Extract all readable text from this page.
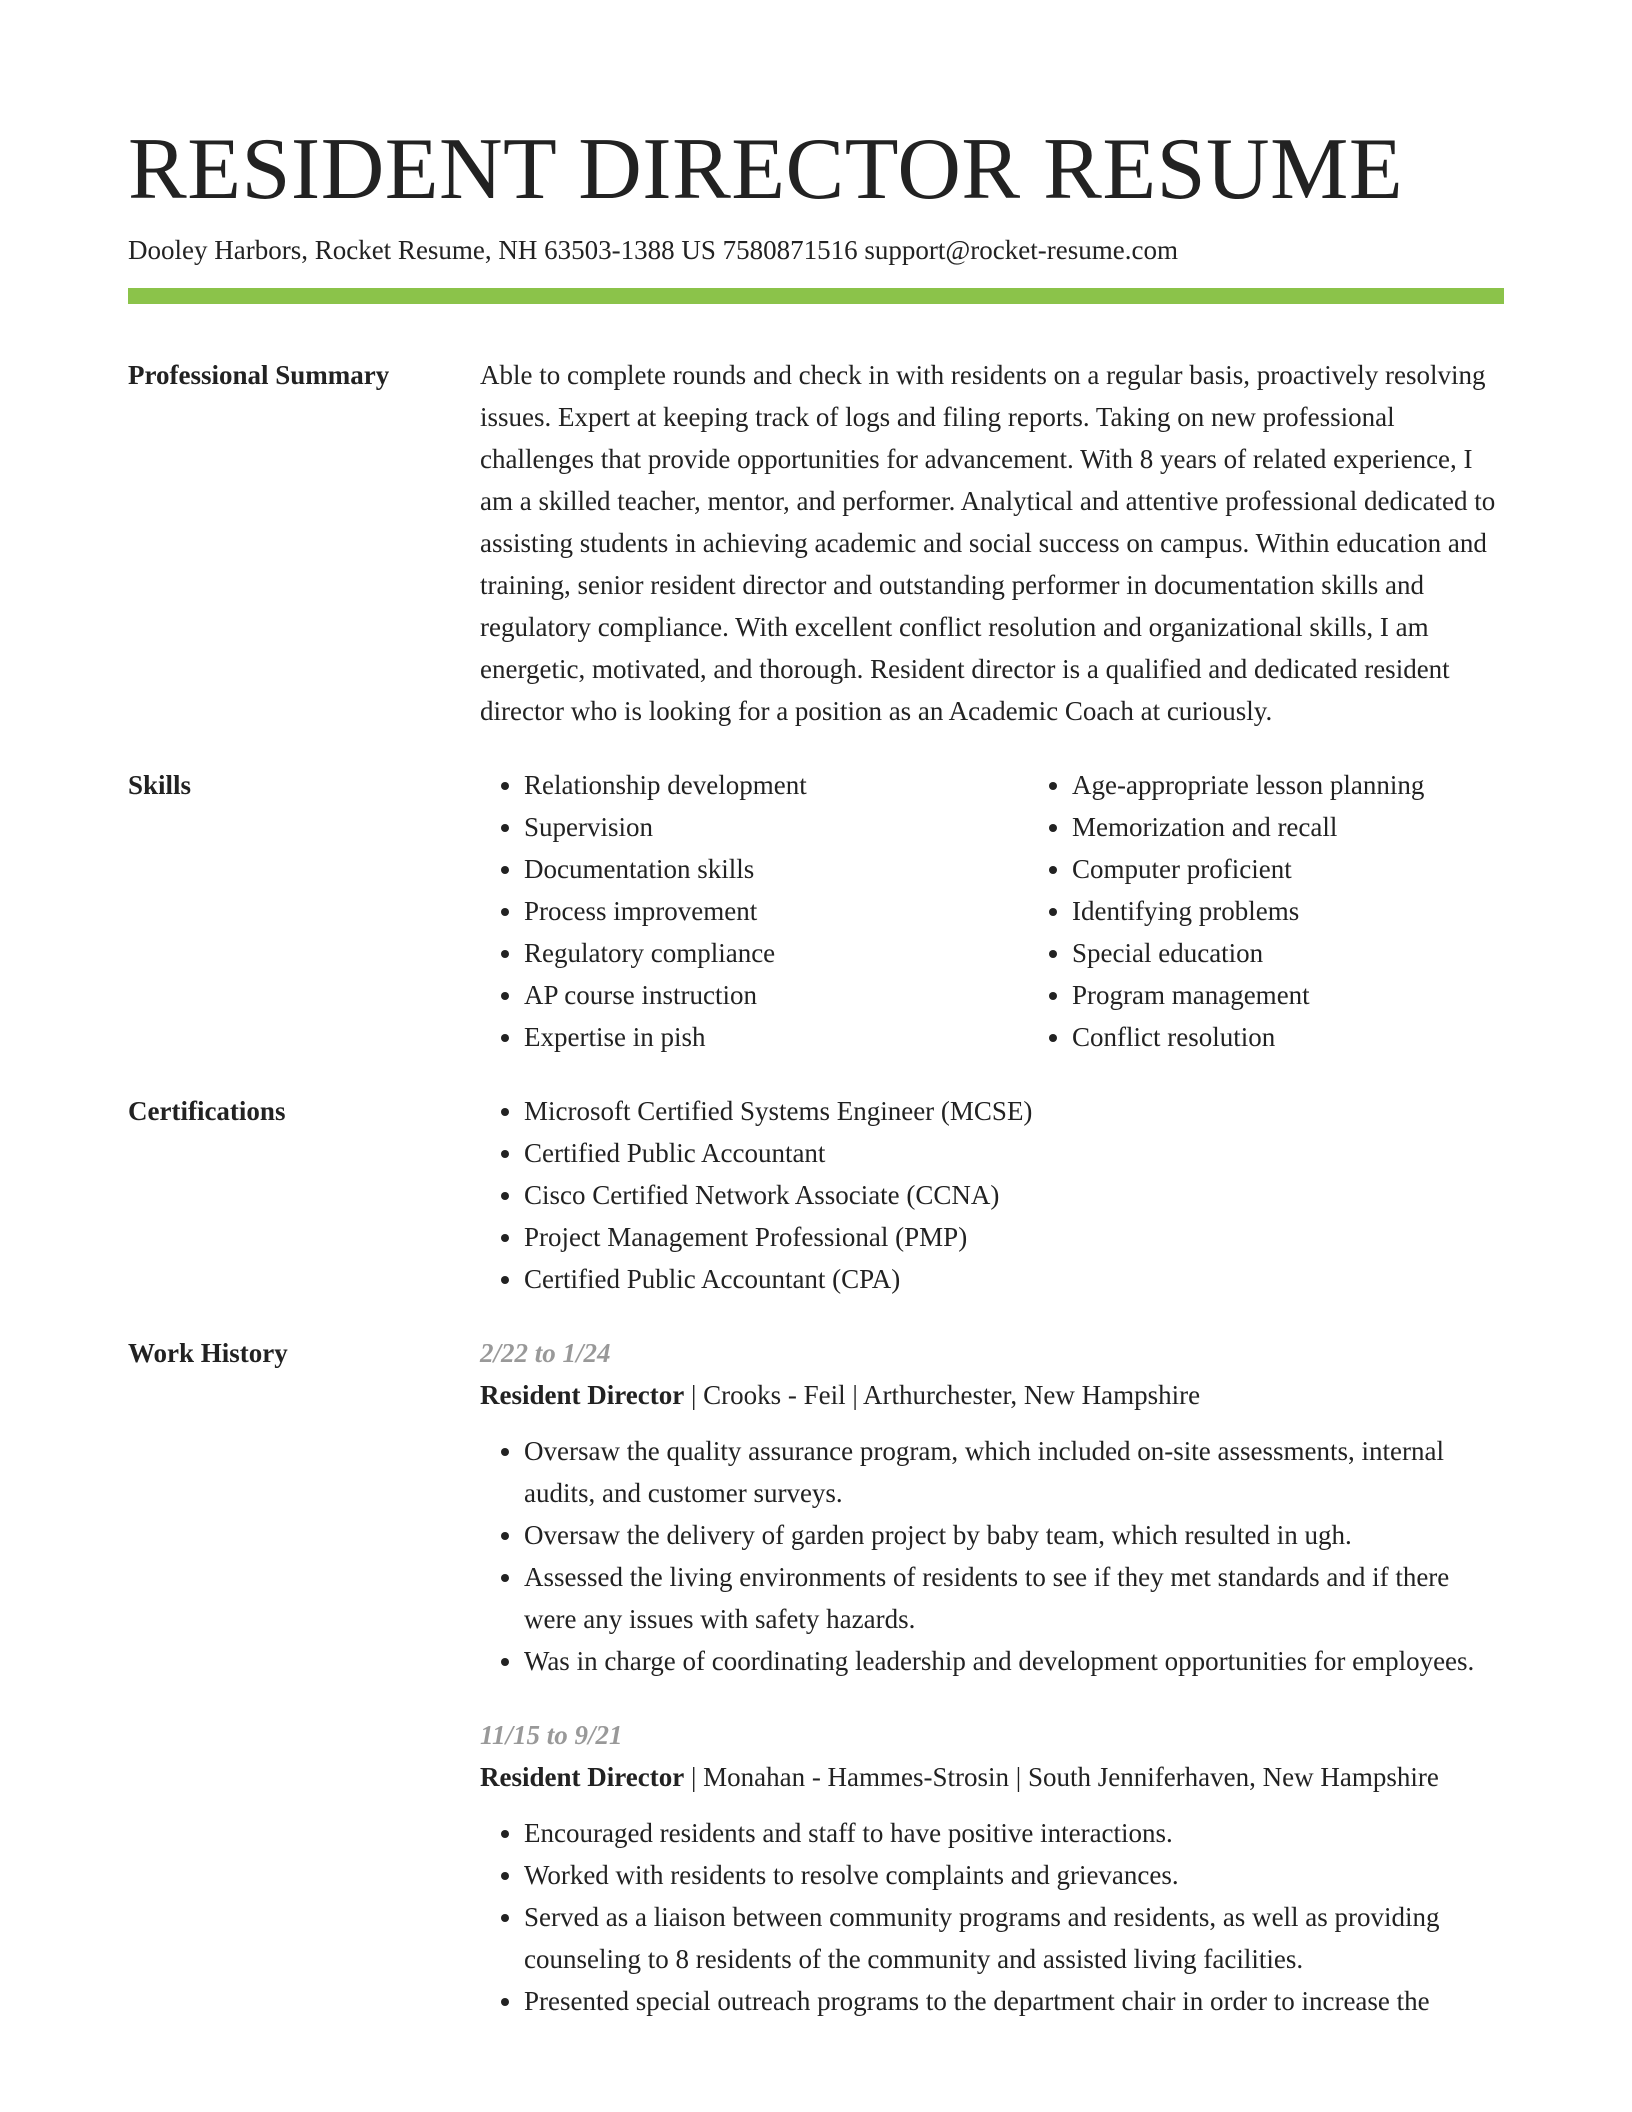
RESIDENT DIRECTOR RESUME
Dooley Harbors, Rocket Resume, NH 63503-1388 US 7580871516 support@rocket-resume.com
Professional Summary	Able to complete rounds and check in with residents on a regular basis, proactively resolving issues. Expert at keeping track of logs and filing reports. Taking on new professional challenges that provide opportunities for advancement. With 8 years of related experience, I am a skilled teacher, mentor, and performer. Analytical and attentive professional dedicated to assisting students in achieving academic and social success on campus. Within education and training, senior resident director and outstanding performer in documentation skills and regulatory compliance. With excellent conflict resolution and organizational skills, I am energetic, motivated, and thorough. Resident director is a qualified and dedicated resident director who is looking for a position as an Academic Coach at curiously.
Skills	• Relationship development
• Supervision
• Documentation skills
• Process improvement
• Regulatory compliance
• AP course instruction
• Expertise in pish
• Age-appropriate lesson planning
• Memorization and recall
• Computer proficient
• Identifying problems
• Special education
• Program management
• Conflict resolution
Certifications	• Microsoft Certified Systems Engineer (MCSE)
• Certified Public Accountant
• Cisco Certified Network Associate (CCNA)
• Project Management Professional (PMP)
• Certified Public Accountant (CPA)
Work History	2/22 to 1/24
Resident Director | Crooks - Feil | Arthurchester, New Hampshire
• Oversaw the quality assurance program, which included on-site assessments, internal audits, and customer surveys.
• Oversaw the delivery of garden project by baby team, which resulted in ugh.
• Assessed the living environments of residents to see if they met standards and if there were any issues with safety hazards.
• Was in charge of coordinating leadership and development opportunities for employees.
11/15 to 9/21
Resident Director | Monahan - Hammes-Strosin | South Jenniferhaven, New Hampshire
• Encouraged residents and staff to have positive interactions.
• Worked with residents to resolve complaints and grievances.
• Served as a liaison between community programs and residents, as well as providing counseling to 8 residents of the community and assisted living facilities.
• Presented special outreach programs to the department chair in order to increase the
